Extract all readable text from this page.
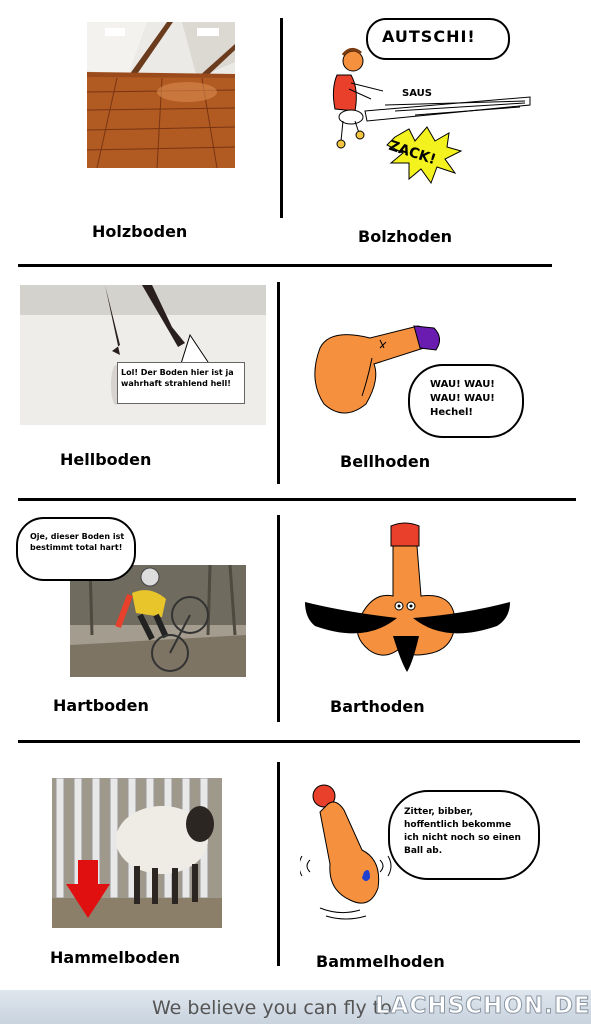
Holzboden
AUTSCHI!
SAUS
ZACK!
Bolzhoden
Lol! Der Boden hier ist ja wahrhaft strahlend hell!
Hellboden
WAU! WAU! WAU! WAU! Hechel!
Bellhoden
Oje, dieser Boden ist bestimmt total hart!
Hartboden	Barthoden
Hammelboden
Zitter, bibber, hoffentlich bekomme ich nicht noch so einen Ball ab.
Bammelhoden
We believe you can fly to
LACHSCHON.DE
